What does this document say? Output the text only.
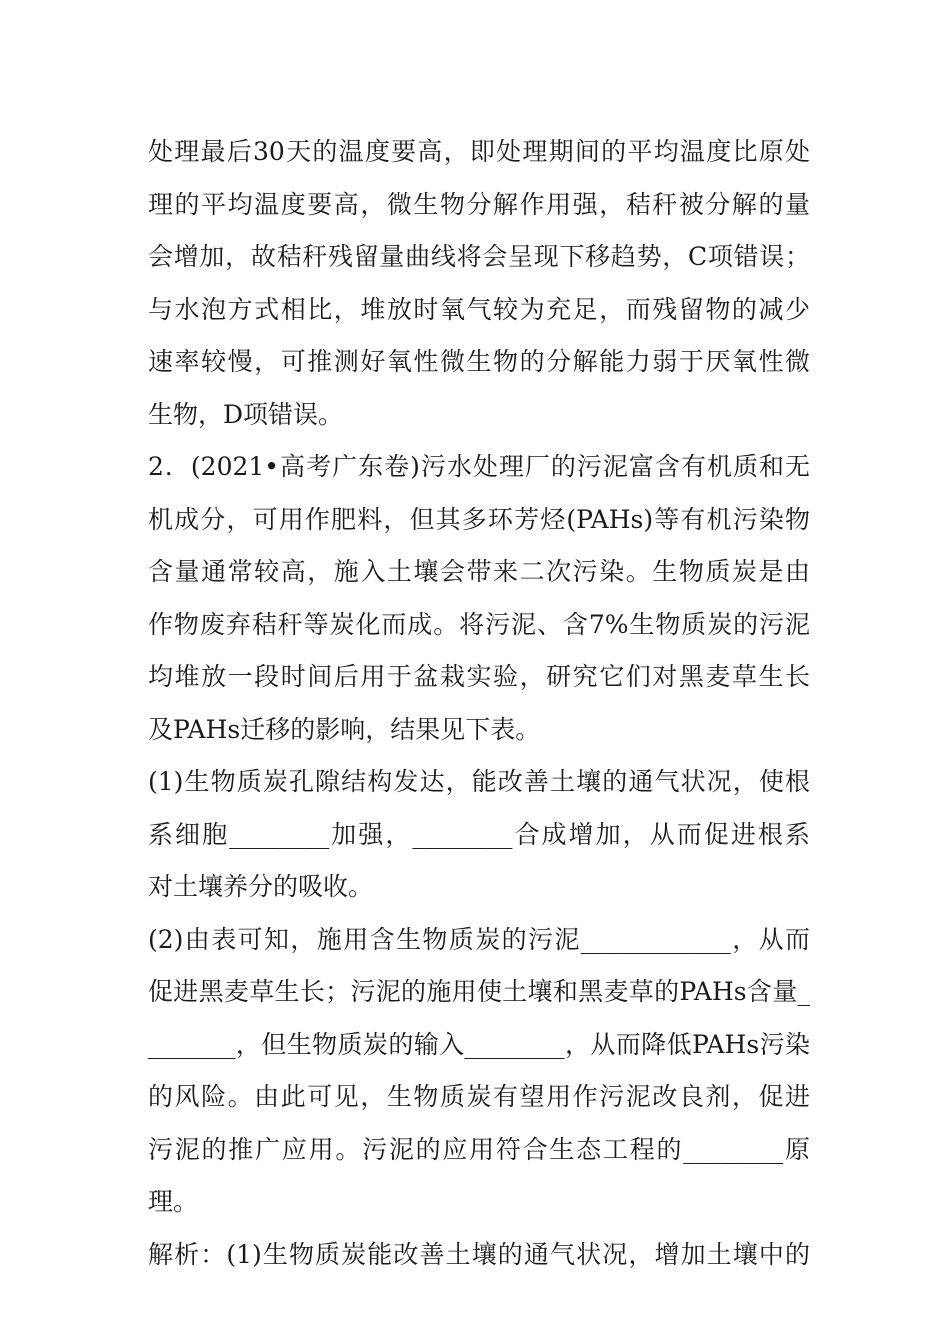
处理最后30天的温度要高，即处理期间的平均温度比原处
理的平均温度要高，微生物分解作用强，秸秆被分解的量
会增加，故秸秆残留量曲线将会呈现下移趋势，C项错误；
与水泡方式相比，堆放时氧气较为充足，而残留物的减少
速率较慢，可推测好氧性微生物的分解能力弱于厌氧性微
生物，D项错误。
2．(2021•高考广东卷)污水处理厂的污泥富含有机质和无
机成分，可用作肥料，但其多环芳烃(PAHs)等有机污染物
含量通常较高，施入土壤会带来二次污染。生物质炭是由
作物废弃秸秆等炭化而成。将污泥、含7%生物质炭的污泥
均堆放一段时间后用于盆栽实验，研究它们对黑麦草生长
及PAHs迁移的影响，结果见下表。
(1)生物质炭孔隙结构发达，能改善土壤的通气状况，使根
系细胞________加强，________合成增加，从而促进根系
对土壤养分的吸收。
(2)由表可知，施用含生物质炭的污泥____________，从而
促进黑麦草生长；污泥的施用使土壤和黑麦草的PAHs含量_
_______，但生物质炭的输入________，从而降低PAHs污染
的风险。由此可见，生物质炭有望用作污泥改良剂，促进
污泥的推广应用。污泥的应用符合生态工程的________原
理。
解析：(1)生物质炭能改善土壤的通气状况，增加土壤中的
